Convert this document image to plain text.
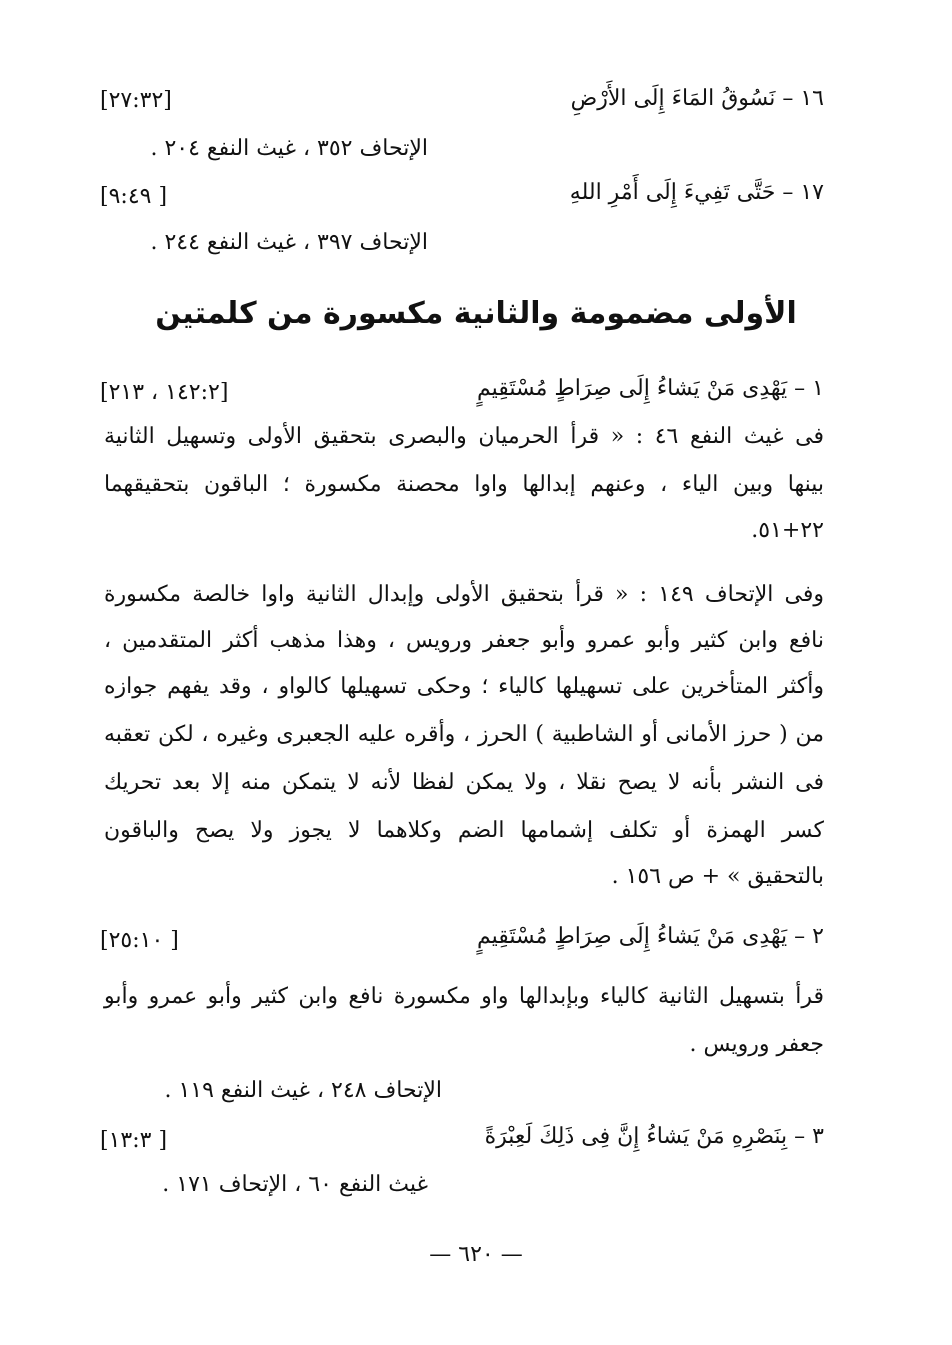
١٦ – نَسُوقُ المَاءَ إِلَى الأَرْضِ
[٢٧:٣٢]
الإتحاف ٣٥٢ ، غيث النفع ٢٠٤ .
١٧ – حَتَّى تَفِيءَ إِلَى أَمْرِ اللهِ
[٩:٤٩ ]
الإتحاف ٣٩٧ ، غيث النفع ٢٤٤ .
الأولى مضمومة والثانية مكسورة من كلمتين
١ – يَهْدِى مَنْ يَشاءُ إِلَى صِرَاطٍ مُسْتَقِيمٍ
[١٤٢:٢ ، ٢١٣]
فى غيث النفع ٤٦ : « قرأ الحرميان والبصرى بتحقيق الأولى وتسهيل الثانية
بينها وبين الياء ، وعنهم إبدالها واوا محصنة مكسورة ؛ الباقون بتحقيقهما
٢٢+٥١.
وفى الإتحاف ١٤٩ : « قرأ بتحقيق الأولى وإبدال الثانية واوا خالصة مكسورة
نافع وابن كثير وأبو عمرو وأبو جعفر ورويس ، وهذا مذهب أكثر المتقدمين ،
وأكثر المتأخرين على تسهيلها كالياء ؛ وحكى تسهيلها كالواو ، وقد يفهم جوازه
من ( حرز الأمانى أو الشاطبية ) الحرز ، وأقره عليه الجعبرى وغيره ، لكن تعقبه
فى النشر بأنه لا يصح نقلا ، ولا يمكن لفظا لأنه لا يتمكن منه إلا بعد تحريك
كسر الهمزة أو تكلف إشمامها الضم وكلاهما لا يجوز ولا يصح والباقون
بالتحقيق » + ص ١٥٦ .
٢ – يَهْدِى مَنْ يَشاءُ إِلَى صِرَاطٍ مُسْتَقِيمٍ
[٢٥:١٠ ]
قرأ بتسهيل الثانية كالياء وبإبدالها واو مكسورة نافع وابن كثير وأبو عمرو وأبو
جعفر ورويس .
الإتحاف ٢٤٨ ، غيث النفع ١١٩ .
٣ – بِنَصْرِهِ مَنْ يَشاءُ إِنَّ فِى ذَلِكَ لَعِبْرَةً
[١٣:٣ ]
غيث النفع ٦٠ ، الإتحاف ١٧١ .
— ٦٢٠ —
